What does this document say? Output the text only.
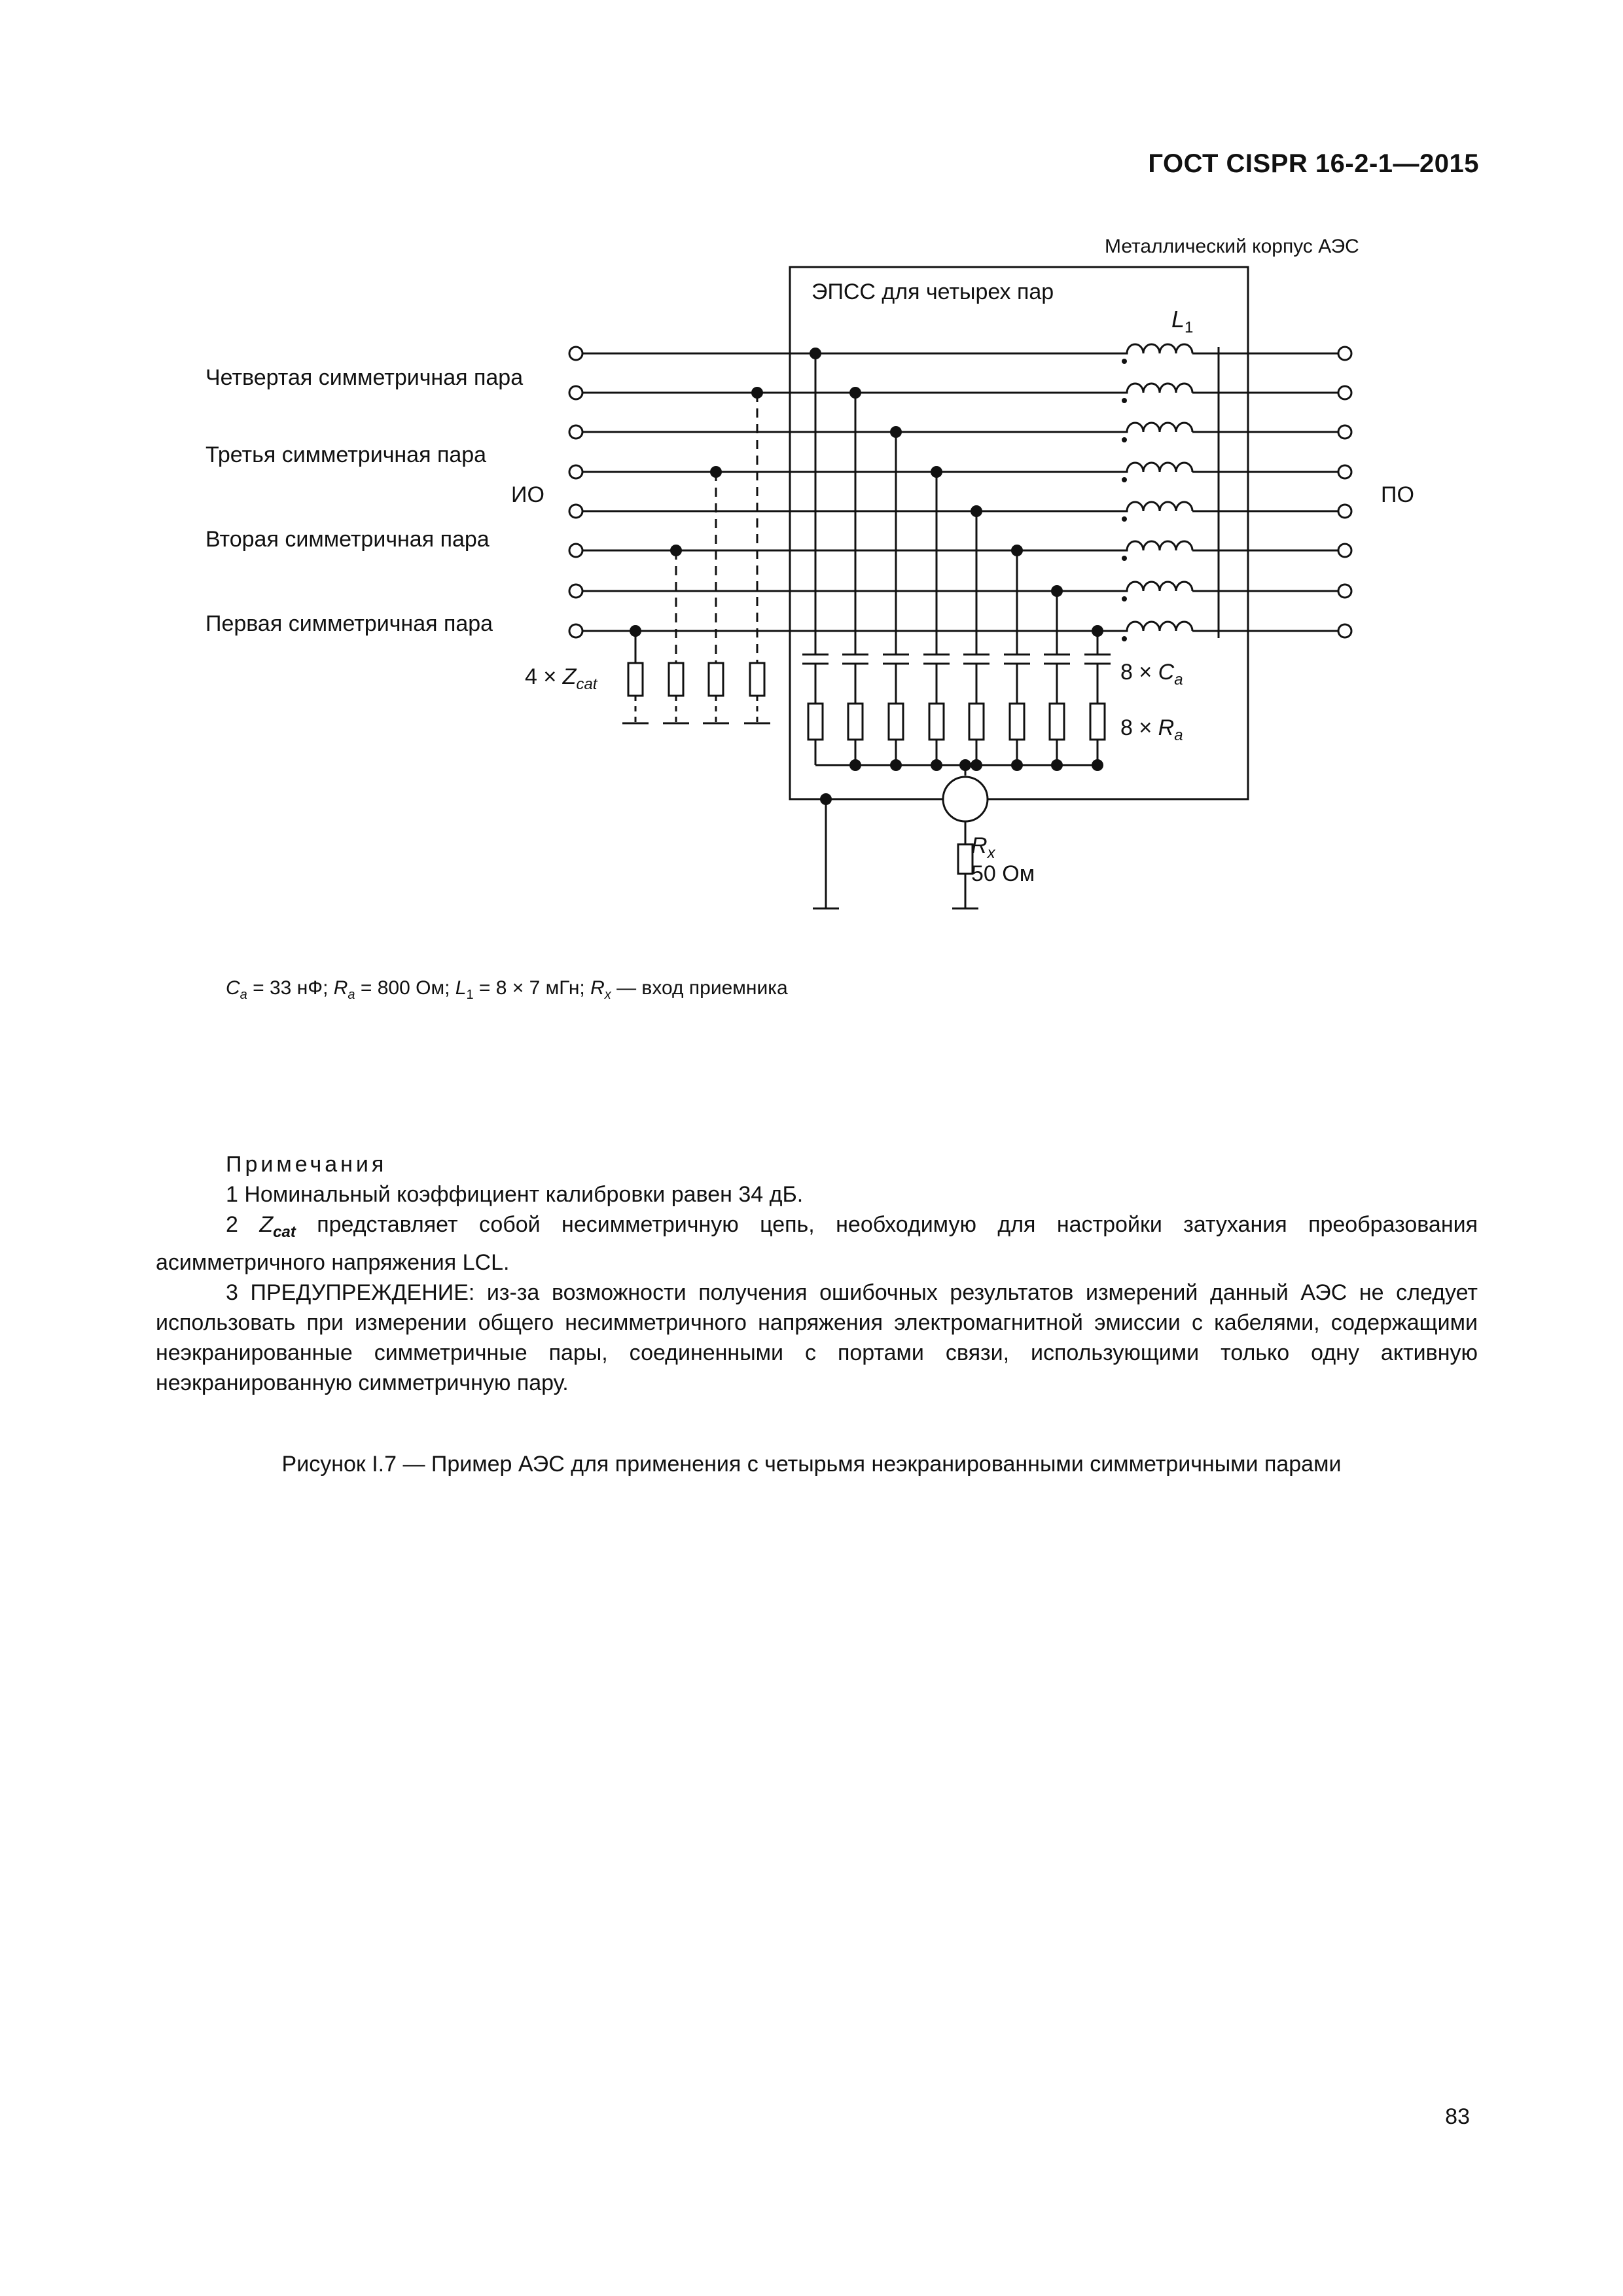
ГОСТ CISPR 16-2-1—2015
Металлический корпус АЭС
ЭПСС для четырех пар
$L_1$
Четвертая симметричная пара
Третья симметричная пара
ИО
Вторая симметричная пара
Первая симметричная пара
ПО
$4 \times Z_{cat}$	$8 \times C_a$
$8 \times R_a$
$R_x$
50 Ом
$C_a = 33$ нФ; $R_a = 800$ Ом; $L_1 = 8 \times 7$ мГн; $R_x$ — вход приемника
Примечания

1 Номинальный коэффициент калибровки равен 34 дБ.

2 $Z_{cat}$ представляет собой несимметричную цепь, необходимую для настройки затухания преобразования асимметричного напряжения LCL.

3 ПРЕДУПРЕЖДЕНИЕ: из-за возможности получения ошибочных результатов измерений данный АЭС не следует использовать при измерении общего несимметричного напряжения электромагнитной эмиссии с кабелями, содержащими неэкранированные симметричные пары, соединенными с портами связи, использующими только одну активную неэкранированную симметричную пару.

Рисунок I.7 — Пример АЭС для применения с четырьмя неэкранированными симметричными парами
83
